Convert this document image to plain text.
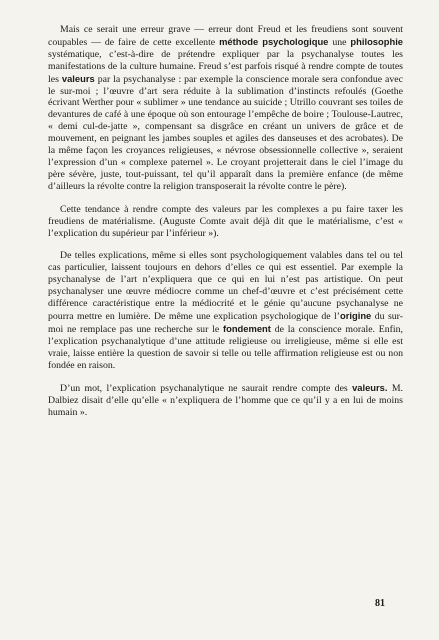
Mais ce serait une erreur grave — erreur dont Freud et les freudiens sont souvent coupables — de faire de cette excellente méthode psychologique une philosophie systématique, c’est-à-dire de prétendre expliquer par la psychanalyse toutes les manifestations de la culture humaine. Freud s’est parfois risqué à rendre compte de toutes les valeurs par la psychanalyse : par exemple la conscience morale sera confondue avec le sur-moi ; l’œuvre d’art sera réduite à la sublimation d’instincts refoulés (Goethe écrivant Werther pour « sublimer » une tendance au suicide ; Utrillo couvrant ses toiles de devantures de café à une époque où son entourage l’empêche de boire ; Toulouse-Lautrec, « demi cul-de-jatte », compensant sa disgrâce en créant un univers de grâce et de mouvement, en peignant les jambes souples et agiles des danseuses et des acrobates). De la même façon les croyances religieuses, « névrose obsessionnelle collective », seraient l’expression d’un « complexe paternel ». Le croyant projetterait dans le ciel l’image du père sévère, juste, tout-puissant, tel qu’il apparaît dans la première enfance (de même d’ailleurs la révolte contre la religion transposerait la révolte contre le père).

Cette tendance à rendre compte des valeurs par les complexes a pu faire taxer les freudiens de matérialisme. (Auguste Comte avait déjà dit que le matérialisme, c’est « l’explication du supérieur par l’inférieur »).

De telles explications, même si elles sont psychologiquement valables dans tel ou tel cas particulier, laissent toujours en dehors d’elles ce qui est essentiel. Par exemple la psychanalyse de l’art n’expliquera que ce qui en lui n’est pas artistique. On peut psychanalyser une œuvre médiocre comme un chef-d’œuvre et c’est précisément cette différence caractéristique entre la médiocrité et le génie qu’aucune psychanalyse ne pourra mettre en lumière. De même une explication psychologique de l’origine du sur-moi ne remplace pas une recherche sur le fondement de la conscience morale. Enfin, l’explication psychanalytique d’une attitude religieuse ou irreligieuse, même si elle est vraie, laisse entière la question de savoir si telle ou telle affirmation religieuse est ou non fondée en raison.

D’un mot, l’explication psychanalytique ne saurait rendre compte des valeurs. M. Dalbiez disait d’elle qu’elle « n’expliquera de l’homme que ce qu’il y a en lui de moins humain ».

81
